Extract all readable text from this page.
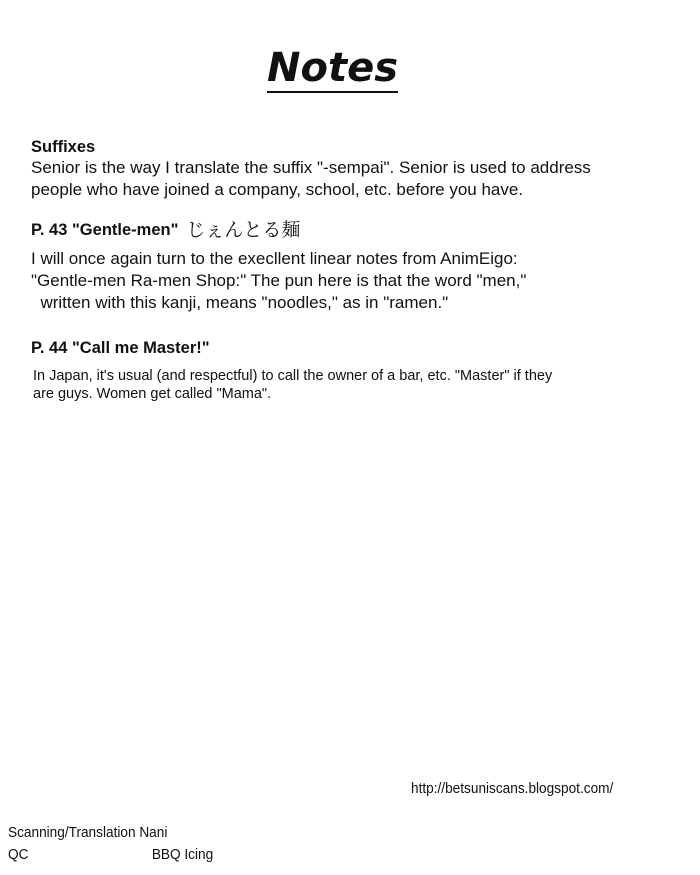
Notes
Suffixes

Senior is the way I translate the suffix "-sempai". Senior is used to address
people who have joined a company, school, etc. before you have.

P. 43 "Gentle-men" じぇんとる麺

I will once again turn to the execllent linear notes from AnimEigo:
"Gentle-men Ra-men Shop:" The pun here is that the word "men,"
written with this kanji, means "noodles," as in "ramen."

P. 44 "Call me Master!"

In Japan, it's usual (and respectful) to call the owner of a bar, etc. "Master" if they
are guys. Women get called "Mama".

http://betsuniscans.blogspot.com/
Scanning/Translation Nani
QC	BBQ Icing
